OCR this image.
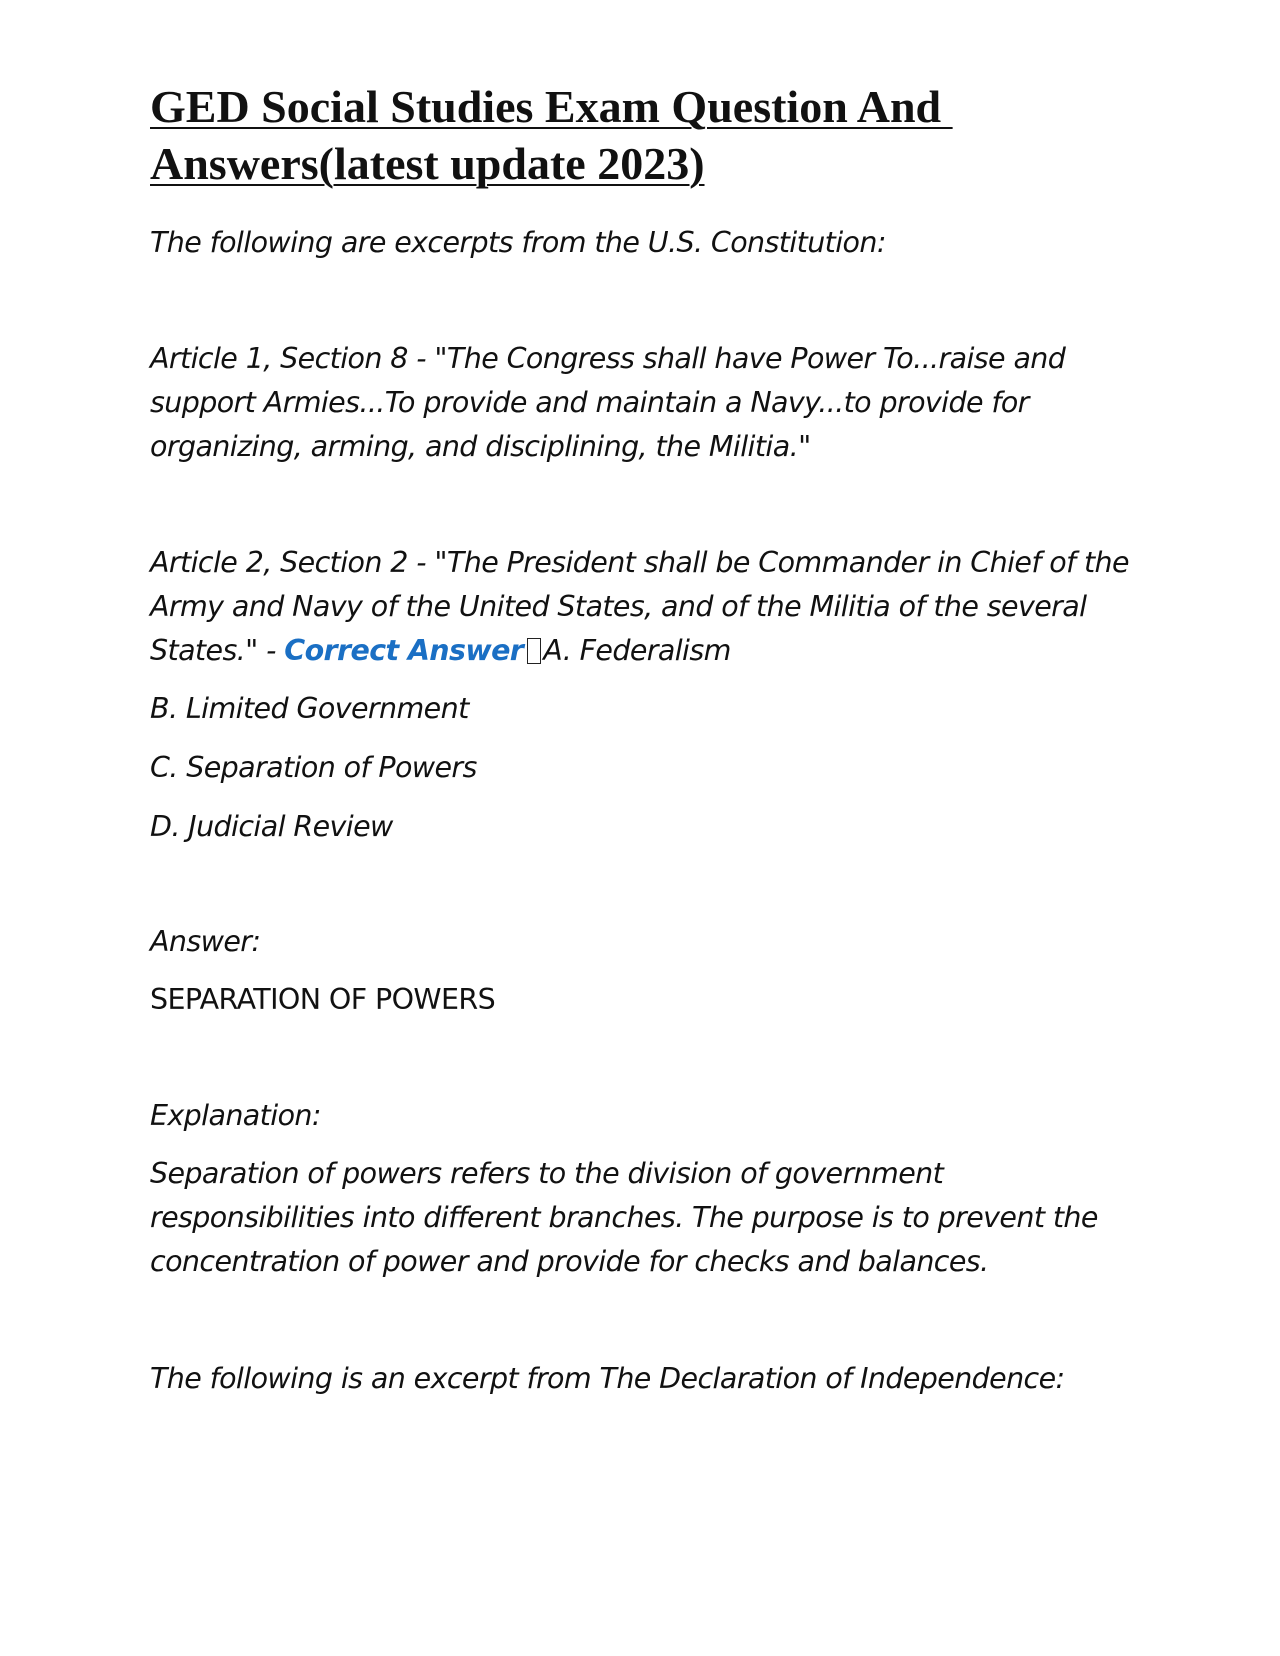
GED Social Studies Exam Question And
Answers(latest update 2023)

The following are excerpts from the U.S. Constitution:

Article 1, Section 8 - "The Congress shall have Power To...raise and
support Armies...To provide and maintain a Navy...to provide for
organizing, arming, and disciplining, the Militia."

Article 2, Section 2 - "The President shall be Commander in Chief of the
Army and Navy of the United States, and of the Militia of the several
States." - Correct Answer A. Federalism

B. Limited Government

C. Separation of Powers

D. Judicial Review

Answer:

SEPARATION OF POWERS

Explanation:

Separation of powers refers to the division of government
responsibilities into different branches. The purpose is to prevent the
concentration of power and provide for checks and balances.

The following is an excerpt from The Declaration of Independence:
